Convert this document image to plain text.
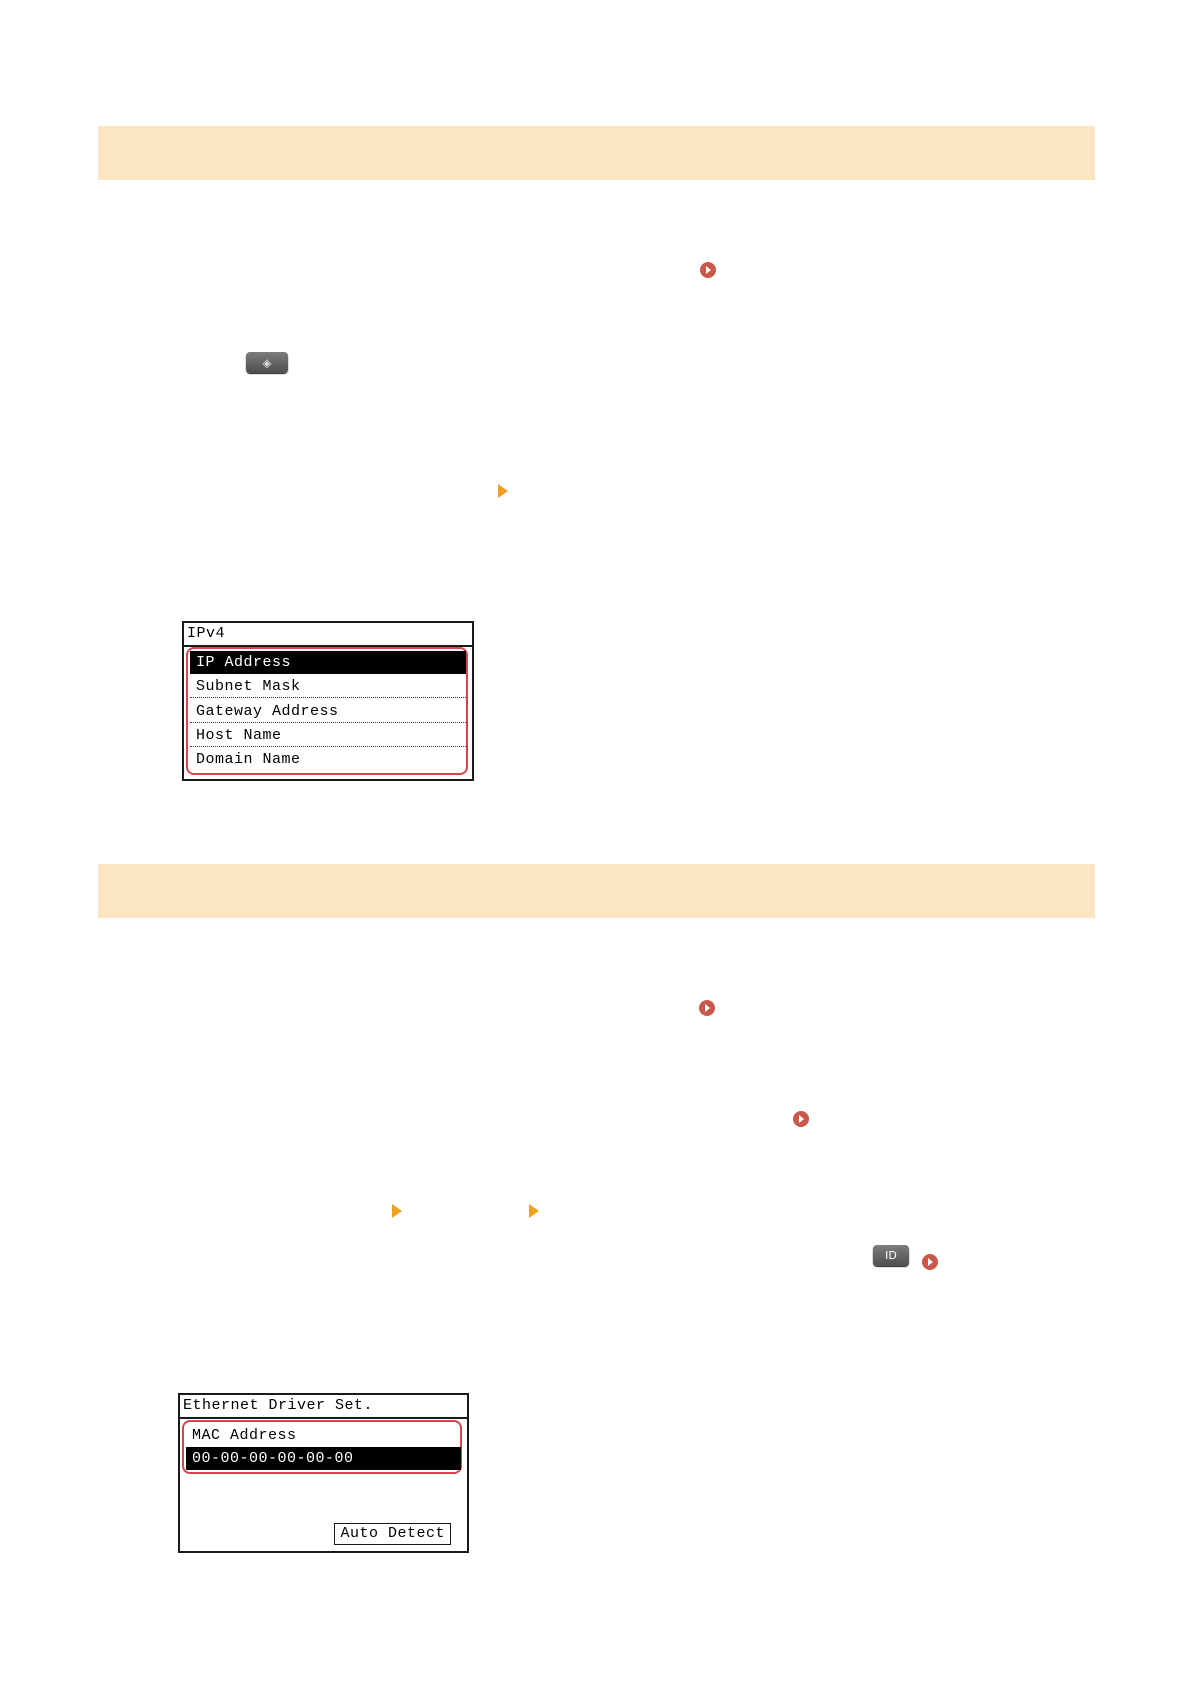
◈
IPv4
IP Address
Subnet Mask
Gateway Address
Host Name
Domain Name
ID
Ethernet Driver Set.
MAC Address
00-00-00-00-00-00
Auto Detect
